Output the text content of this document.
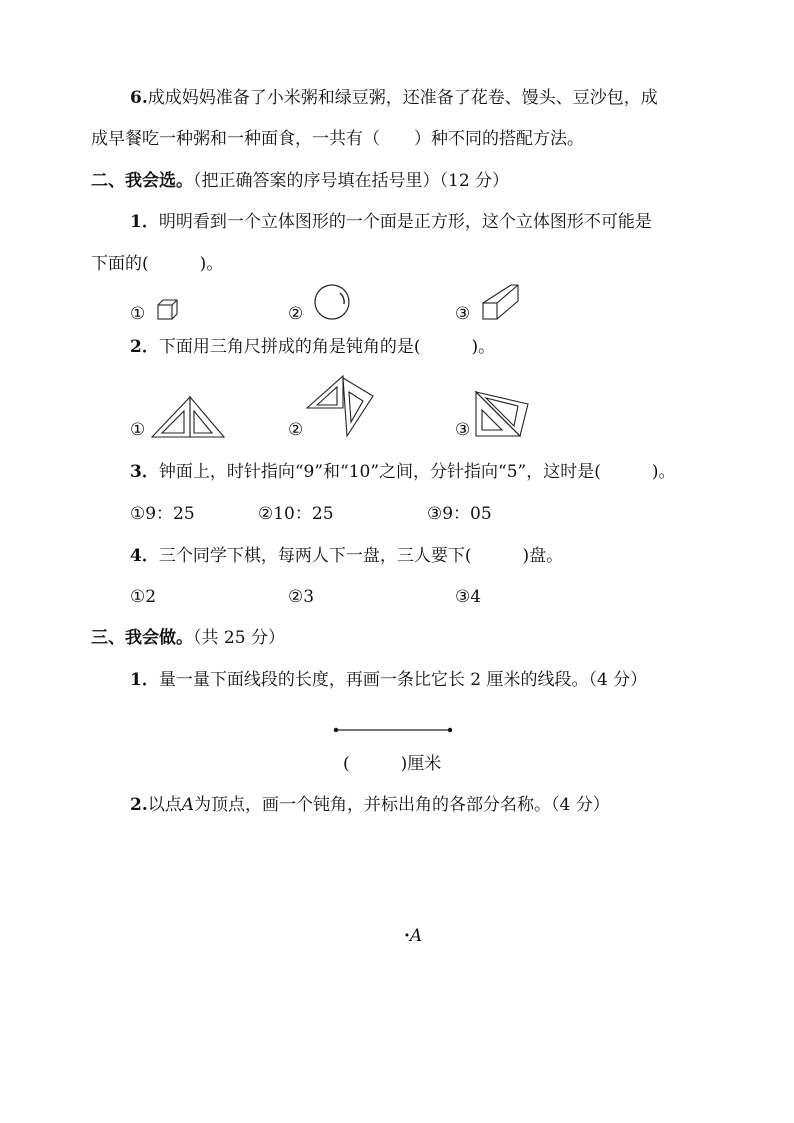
6.成成妈妈准备了小米粥和绿豆粥，还准备了花卷、馒头、豆沙包，成
成早餐吃一种粥和一种面食，一共有（　　）种不同的搭配方法。
二、我会选。（把正确答案的序号填在括号里）（12 分）
1．明明看到一个立体图形的一个面是正方形，这个立体图形不可能是
下面的(　　　)。
①	②	③
2．下面用三角尺拼成的角是钝角的是(　　　)。
①	②	③
3．钟面上，时针指向“9”和“10”之间，分针指向“5”，这时是(　　　)。
①9：25	②10：25	③9：05
4．三个同学下棋，每两人下一盘，三人要下(　　　)盘。
①2	②3	③4
三、我会做。（共 25 分）
1．量一量下面线段的长度，再画一条比它长 2 厘米的线段。（4 分）
(　　　)厘米
2.以点A为顶点，画一个钝角，并标出角的各部分名称。（4 分）
·A
